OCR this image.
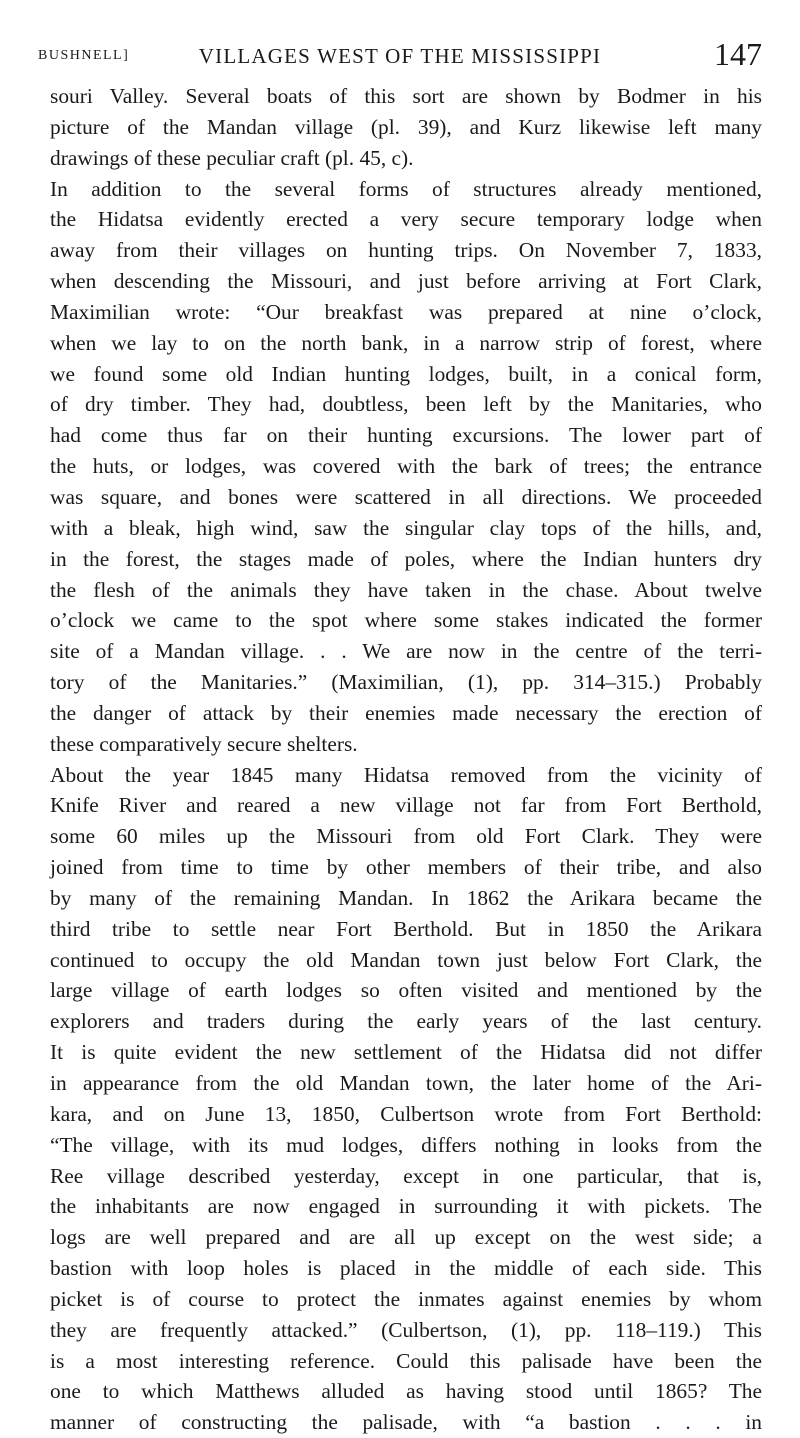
BUSHNELL]	VILLAGES WEST OF THE MISSISSIPPI	147
souri Valley. Several boats of this sort are shown by Bodmer in his
picture of the Mandan village (pl. 39), and Kurz likewise left many
drawings of these peculiar craft (pl. 45, c).
In addition to the several forms of structures already mentioned,
the Hidatsa evidently erected a very secure temporary lodge when
away from their villages on hunting trips. On November 7, 1833,
when descending the Missouri, and just before arriving at Fort Clark,
Maximilian wrote: “Our breakfast was prepared at nine o’clock,
when we lay to on the north bank, in a narrow strip of forest, where
we found some old Indian hunting lodges, built, in a conical form,
of dry timber. They had, doubtless, been left by the Manitaries, who
had come thus far on their hunting excursions. The lower part of
the huts, or lodges, was covered with the bark of trees; the entrance
was square, and bones were scattered in all directions. We proceeded
with a bleak, high wind, saw the singular clay tops of the hills, and,
in the forest, the stages made of poles, where the Indian hunters dry
the flesh of the animals they have taken in the chase. About twelve
o’clock we came to the spot where some stakes indicated the former
site of a Mandan village. . . We are now in the centre of the terri-
tory of the Manitaries.” (Maximilian, (1), pp. 314–315.) Probably
the danger of attack by their enemies made necessary the erection of
these comparatively secure shelters.
About the year 1845 many Hidatsa removed from the vicinity of
Knife River and reared a new village not far from Fort Berthold,
some 60 miles up the Missouri from old Fort Clark. They were
joined from time to time by other members of their tribe, and also
by many of the remaining Mandan. In 1862 the Arikara became the
third tribe to settle near Fort Berthold. But in 1850 the Arikara
continued to occupy the old Mandan town just below Fort Clark, the
large village of earth lodges so often visited and mentioned by the
explorers and traders during the early years of the last century.
It is quite evident the new settlement of the Hidatsa did not differ
in appearance from the old Mandan town, the later home of the Ari-
kara, and on June 13, 1850, Culbertson wrote from Fort Berthold:
“The village, with its mud lodges, differs nothing in looks from the
Ree village described yesterday, except in one particular, that is,
the inhabitants are now engaged in surrounding it with pickets. The
logs are well prepared and are all up except on the west side; a
bastion with loop holes is placed in the middle of each side. This
picket is of course to protect the inmates against enemies by whom
they are frequently attacked.” (Culbertson, (1), pp. 118–119.) This
is a most interesting reference. Could this palisade have been the
one to which Matthews alluded as having stood until 1865? The
manner of constructing the palisade, with “a bastion . . . in
